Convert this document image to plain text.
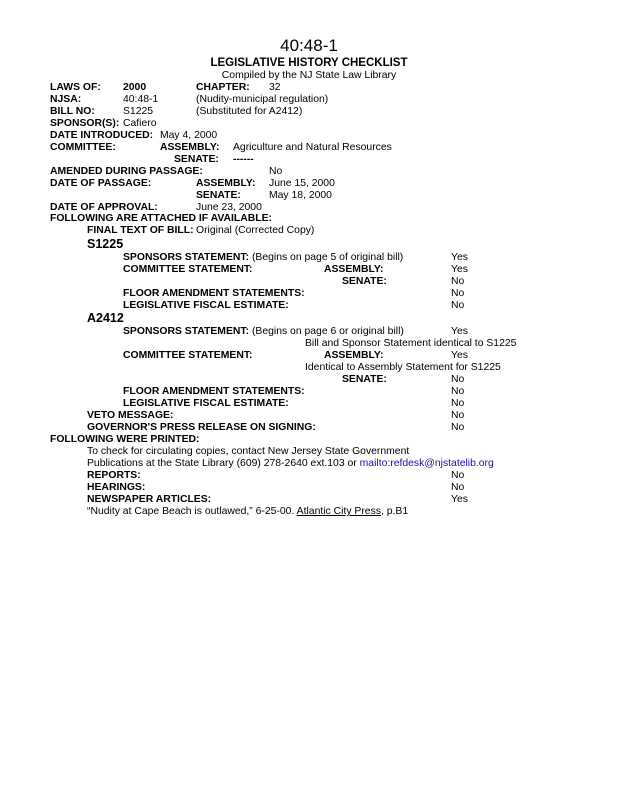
40:48-1
LEGISLATIVE HISTORY CHECKLIST
Compiled by the NJ State Law Library
LAWS OF: 2000	CHAPTER: 32
NJSA:	40:48-1	(Nudity-municipal regulation)
BILL NO:	S1225	(Substituted for A2412)
SPONSOR(S): Cafiero
DATE INTRODUCED: May 4, 2000
COMMITTEE:	ASSEMBLY: Agriculture and Natural Resources
SENATE: ------
AMENDED DURING PASSAGE:	No
DATE OF PASSAGE:	ASSEMBLY: June 15, 2000
SENATE:	May 18, 2000
DATE OF APPROVAL:	June 23, 2000
FOLLOWING ARE ATTACHED IF AVAILABLE:
FINAL TEXT OF BILL: Original (Corrected Copy)
S1225
SPONSORS STATEMENT: (Begins on page 5 of original bill)	Yes
COMMITTEE STATEMENT:	ASSEMBLY:	Yes
SENATE:	No
FLOOR AMENDMENT STATEMENTS:	No
LEGISLATIVE FISCAL ESTIMATE:	No
A2412
SPONSORS STATEMENT: (Begins on page 6 or original bill)	Yes
Bill and Sponsor Statement identical to S1225
COMMITTEE STATEMENT:	ASSEMBLY:	Yes
Identical to Assembly Statement for S1225
SENATE:	No
FLOOR AMENDMENT STATEMENTS:	No
LEGISLATIVE FISCAL ESTIMATE:	No
VETO MESSAGE:	No
GOVERNOR'S PRESS RELEASE ON SIGNING:	No
FOLLOWING WERE PRINTED:
To check for circulating copies, contact New Jersey State Government
Publications at the State Library (609) 278-2640 ext.103 or mailto:refdesk@njstatelib.org
REPORTS:	No
HEARINGS:	No
NEWSPAPER ARTICLES:	Yes
“Nudity at Cape Beach is outlawed,” 6-25-00. Atlantic City Press, p.B1
